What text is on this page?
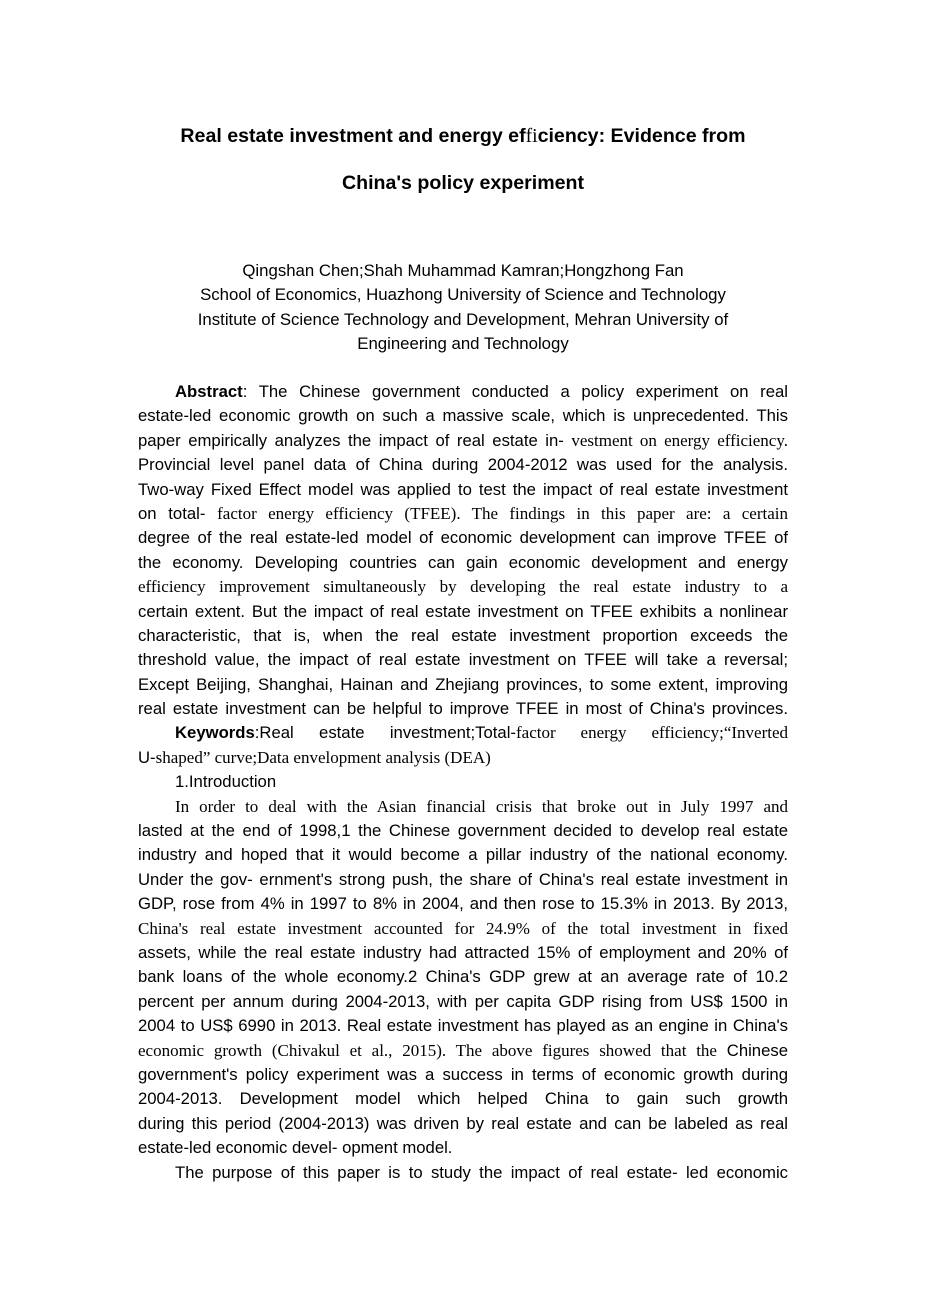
Real estate investment and energy efficiency: Evidence from
China's policy experiment
Qingshan Chen;Shah Muhammad Kamran;Hongzhong Fan
School of Economics, Huazhong University of Science and Technology
Institute of Science Technology and Development, Mehran University of
Engineering and Technology
Abstract: The Chinese government conducted a policy experiment on real
estate-led economic growth on such a massive scale, which is unprecedented. This
paper empirically analyzes the impact of real estate in- vestment on energy efficiency.
Provincial level panel data of China during 2004-2012 was used for the analysis.
Two-way Fixed Effect model was applied to test the impact of real estate investment
on total- factor energy efficiency (TFEE). The findings in this paper are: a certain
degree of the real estate-led model of economic development can improve TFEE of
the economy. Developing countries can gain economic development and energy
efficiency improvement simultaneously by developing the real estate industry to a
certain extent. But the impact of real estate investment on TFEE exhibits a nonlinear
characteristic, that is, when the real estate investment proportion exceeds the
threshold value, the impact of real estate investment on TFEE will take a reversal;
Except Beijing, Shanghai, Hainan and Zhejiang provinces, to some extent, improving
real estate investment can be helpful to improve TFEE in most of China's provinces.
Keywords:Real estate investment;Total-factor energy efficiency;“Inverted
U-shaped” curve;Data envelopment analysis (DEA)
1.Introduction
In order to deal with the Asian financial crisis that broke out in July 1997 and
lasted at the end of 1998,1 the Chinese government decided to develop real estate
industry and hoped that it would become a pillar industry of the national economy.
Under the gov- ernment's strong push, the share of China's real estate investment in
GDP, rose from 4% in 1997 to 8% in 2004, and then rose to 15.3% in 2013. By 2013,
China's real estate investment accounted for 24.9% of the total investment in fixed
assets, while the real estate industry had attracted 15% of employment and 20% of
bank loans of the whole economy.2 China's GDP grew at an average rate of 10.2
percent per annum during 2004-2013, with per capita GDP rising from US$ 1500 in
2004 to US$ 6990 in 2013. Real estate investment has played as an engine in China's
economic growth (Chivakul et al., 2015). The above figures showed that the Chinese
government's policy experiment was a success in terms of economic growth during
2004-2013. Development model which helped China to gain such growth
during this period (2004-2013) was driven by real estate and can be labeled as real
estate-led economic devel- opment model.
The purpose of this paper is to study the impact of real estate- led economic
